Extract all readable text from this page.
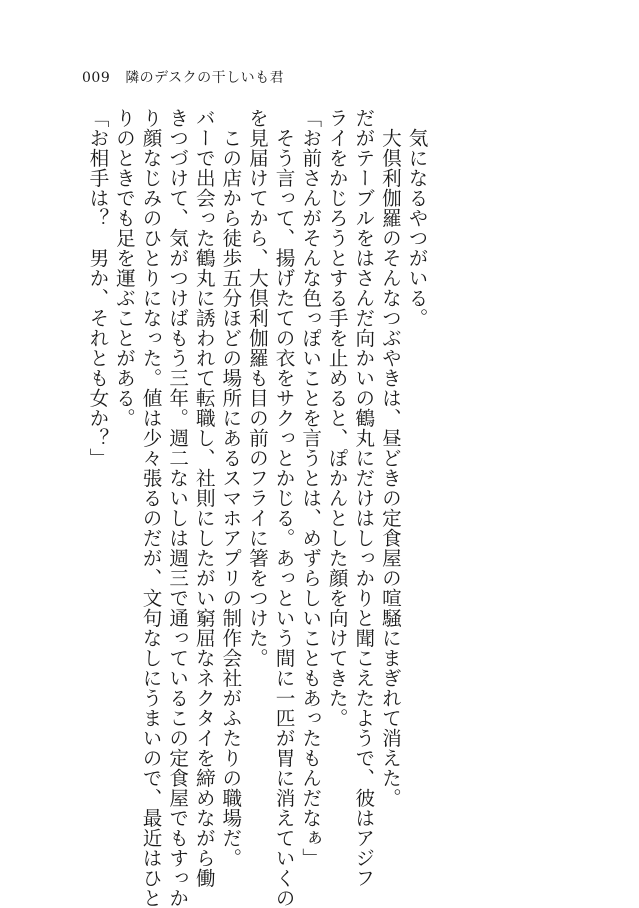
009 隣のデスクの干しいも君

　気になるやつがいる。

　大倶利伽羅のそんなつぶやきは、昼どきの定食屋の喧騒にまぎれて消えた。

だがテーブルをはさんだ向かいの鶴丸にだけはしっかりと聞こえたようで、彼はアジフ

ライをかじろうとする手を止めると、ぽかんとした顔を向けてきた。

「お前さんがそんな色っぽいことを言うとは、めずらしいこともあったもんだなぁ」

　そう言って、揚げたての衣をサクっとかじる。あっという間に一匹が胃に消えていくの

を見届けてから、大倶利伽羅も目の前のフライに箸をつけた。

　この店から徒歩五分ほどの場所にあるスマホアプリの制作会社がふたりの職場だ。

バーで出会った鶴丸に誘われて転職し、社則にしたがい窮屈なネクタイを締めながら働

きつづけて、気がつけばもう三年。週二ないしは週三で通っているこの定食屋でもすっか

り顔なじみのひとりになった。値は少々張るのだが、文句なしにうまいので、最近はひと

りのときでも足を運ぶことがある。

「お相手は？　男か、それとも女か？」
